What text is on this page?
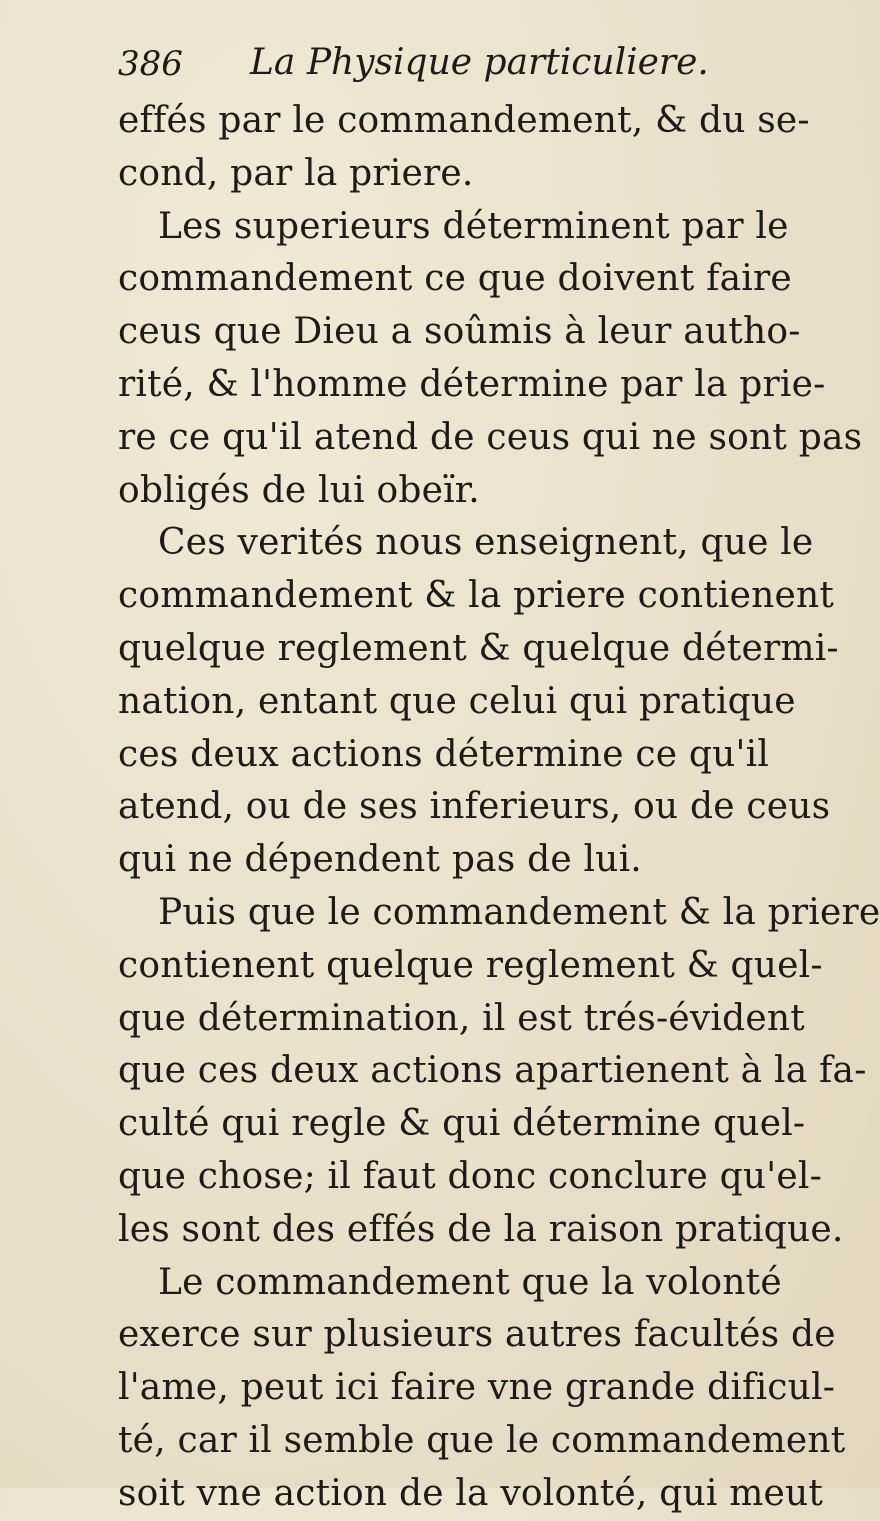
386 La Physique particuliere.
effés par le commandement, & du se-
cond, par la priere.
Les superieurs déterminent par le
commandement ce que doivent faire
ceus que Dieu a soûmis à leur autho-
rité, & l'homme détermine par la prie-
re ce qu'il atend de ceus qui ne sont pas
obligés de lui obeïr.
Ces verités nous enseignent, que le
commandement & la priere contienent
quelque reglement & quelque détermi-
nation, entant que celui qui pratique
ces deux actions détermine ce qu'il
atend, ou de ses inferieurs, ou de ceus
qui ne dépendent pas de lui.
Puis que le commandement & la priere
contienent quelque reglement & quel-
que détermination, il est trés-évident
que ces deux actions apartienent à la fa-
culté qui regle & qui détermine quel-
que chose; il faut donc conclure qu'el-
les sont des effés de la raison pratique.
Le commandement que la volonté
exerce sur plusieurs autres facultés de
l'ame, peut ici faire vne grande dificul-
té, car il semble que le commandement
soit vne action de la volonté, qui meut
